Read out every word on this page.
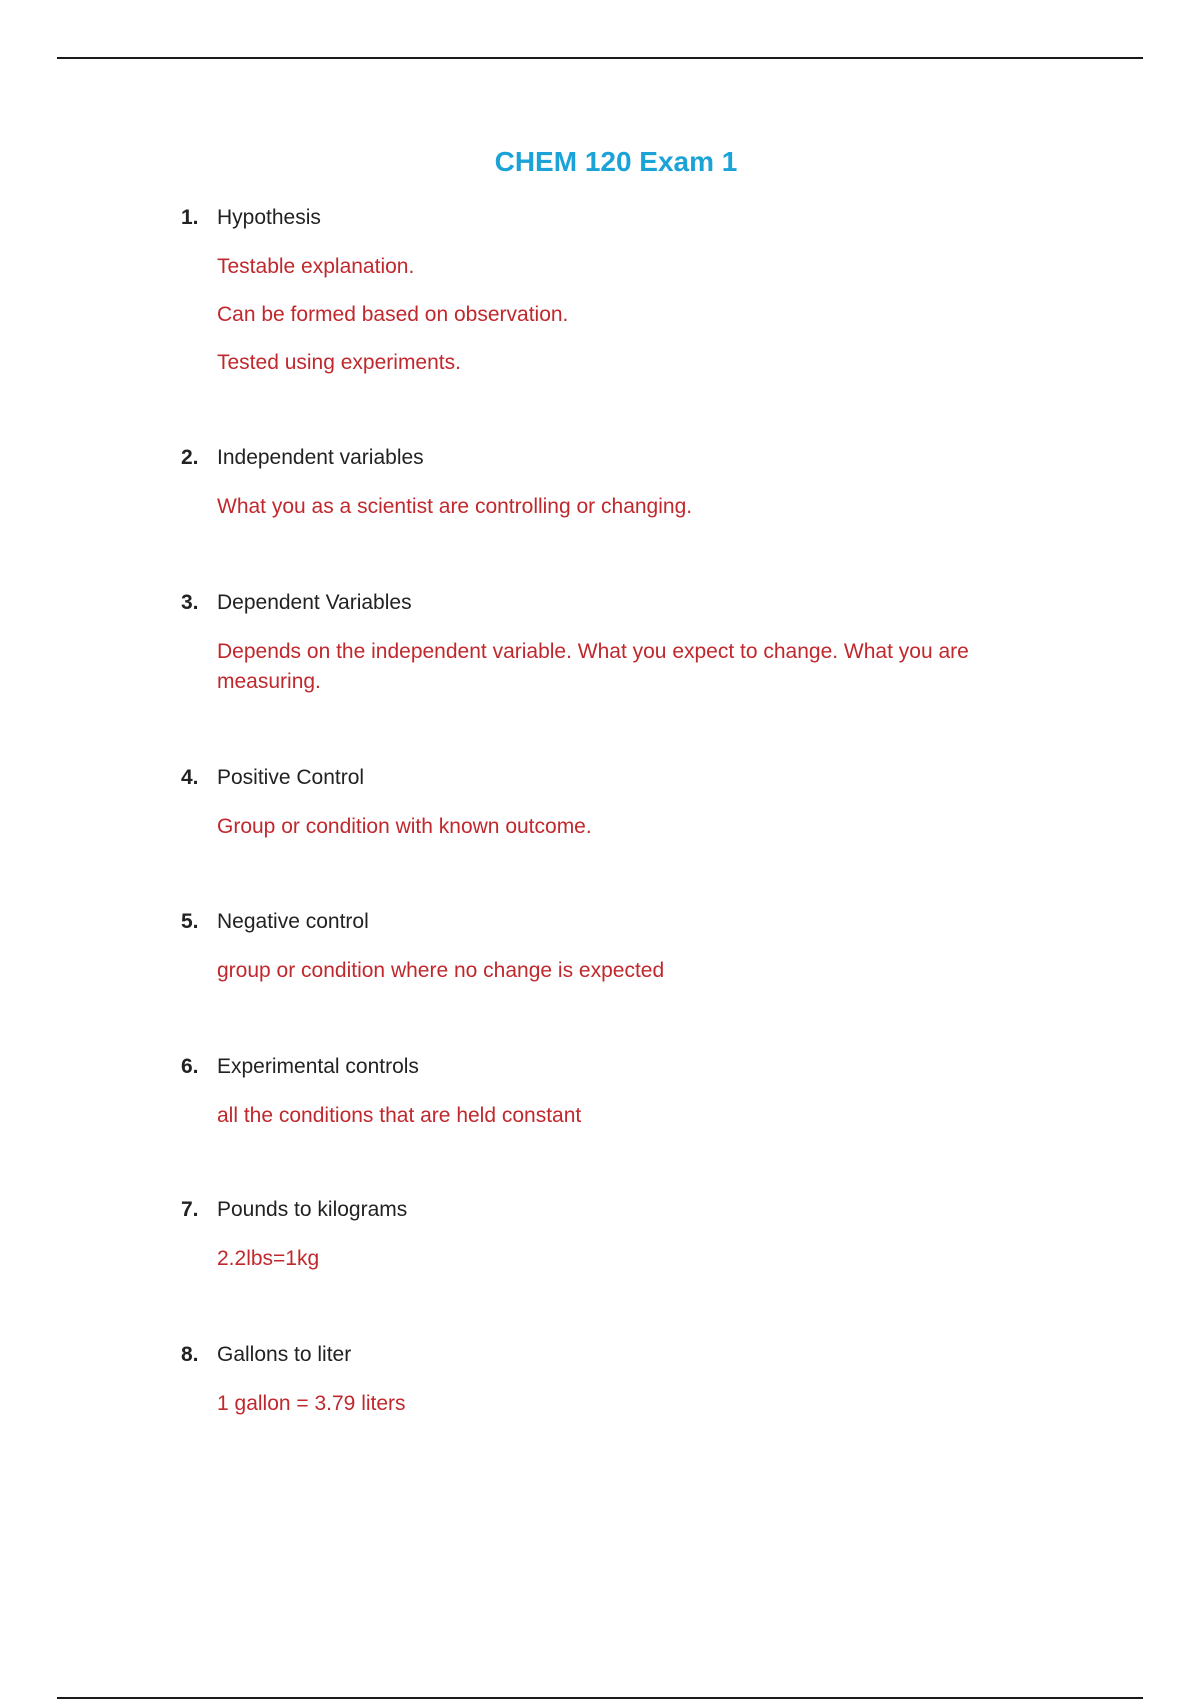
CHEM 120 Exam 1
1. Hypothesis
Testable explanation.
Can be formed based on observation.
Tested using experiments.
2. Independent variables
What you as a scientist are controlling or changing.
3. Dependent Variables
Depends on the independent variable. What you expect to change. What you are measuring.
4. Positive Control
Group or condition with known outcome.
5. Negative control
group or condition where no change is expected
6. Experimental controls
all the conditions that are held constant
7. Pounds to kilograms
2.2lbs=1kg
8. Gallons to liter
1 gallon = 3.79 liters
